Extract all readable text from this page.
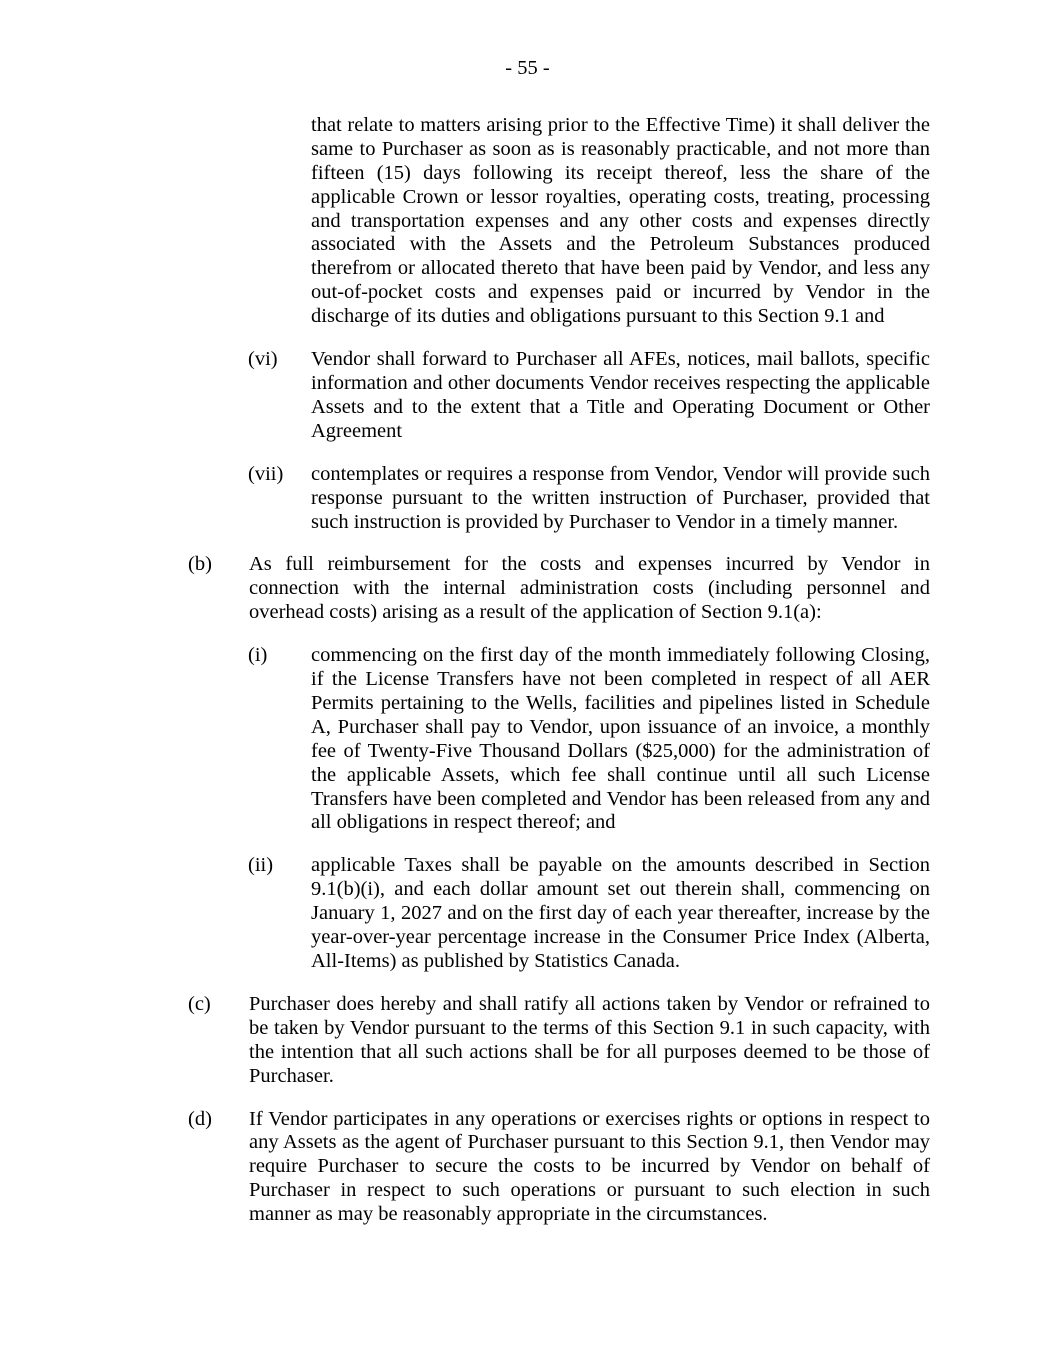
- 55 -
that relate to matters arising prior to the Effective Time) it shall deliver the same to Purchaser as soon as is reasonably practicable, and not more than fifteen (15) days following its receipt thereof, less the share of the applicable Crown or lessor royalties, operating costs, treating, processing and transportation expenses and any other costs and expenses directly associated with the Assets and the Petroleum Substances produced therefrom or allocated thereto that have been paid by Vendor, and less any out-of-pocket costs and expenses paid or incurred by Vendor in the discharge of its duties and obligations pursuant to this Section 9.1 and
(vi) Vendor shall forward to Purchaser all AFEs, notices, mail ballots, specific information and other documents Vendor receives respecting the applicable Assets and to the extent that a Title and Operating Document or Other Agreement
(vii) contemplates or requires a response from Vendor, Vendor will provide such response pursuant to the written instruction of Purchaser, provided that such instruction is provided by Purchaser to Vendor in a timely manner.
(b) As full reimbursement for the costs and expenses incurred by Vendor in connection with the internal administration costs (including personnel and overhead costs) arising as a result of the application of Section 9.1(a):
(i) commencing on the first day of the month immediately following Closing, if the License Transfers have not been completed in respect of all AER Permits pertaining to the Wells, facilities and pipelines listed in Schedule A, Purchaser shall pay to Vendor, upon issuance of an invoice, a monthly fee of Twenty-Five Thousand Dollars ($25,000) for the administration of the applicable Assets, which fee shall continue until all such License Transfers have been completed and Vendor has been released from any and all obligations in respect thereof; and
(ii) applicable Taxes shall be payable on the amounts described in Section 9.1(b)(i), and each dollar amount set out therein shall, commencing on January 1, 2027 and on the first day of each year thereafter, increase by the year-over-year percentage increase in the Consumer Price Index (Alberta, All-Items) as published by Statistics Canada.
(c) Purchaser does hereby and shall ratify all actions taken by Vendor or refrained to be taken by Vendor pursuant to the terms of this Section 9.1 in such capacity, with the intention that all such actions shall be for all purposes deemed to be those of Purchaser.
(d) If Vendor participates in any operations or exercises rights or options in respect to any Assets as the agent of Purchaser pursuant to this Section 9.1, then Vendor may require Purchaser to secure the costs to be incurred by Vendor on behalf of Purchaser in respect to such operations or pursuant to such election in such manner as may be reasonably appropriate in the circumstances.
